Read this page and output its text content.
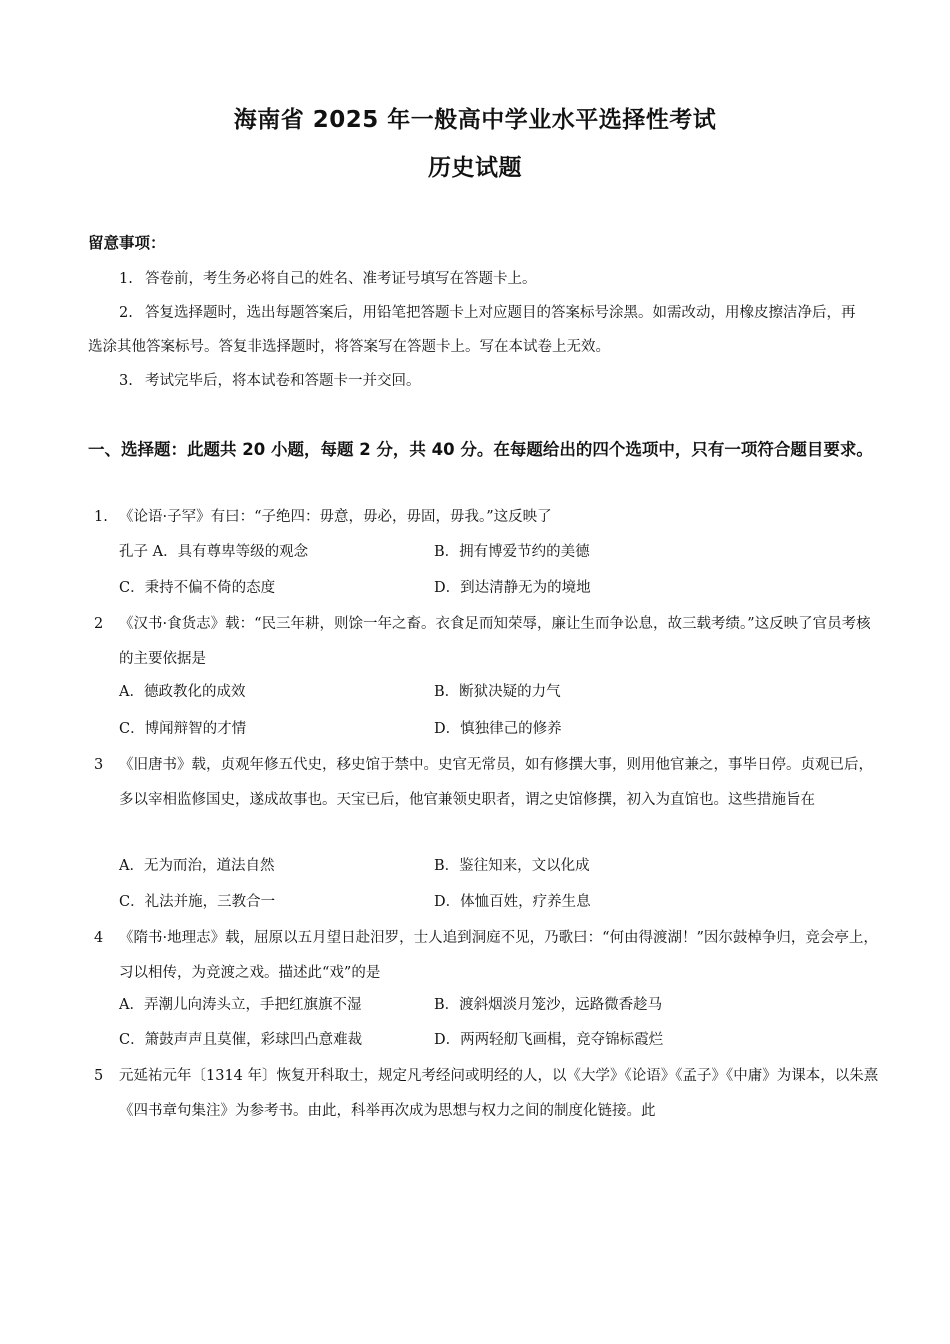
海南省 2025 年一般高中学业水平选择性考试
历史试题
留意事项：
1. 答卷前，考生务必将自己的姓名、准考证号填写在答题卡上。
2. 答复选择题时，选出每题答案后，用铅笔把答题卡上对应题目的答案标号涂黑。如需改动，用橡皮擦洁净后，再选涂其他答案标号。答复非选择题时，将答案写在答题卡上。写在本试卷上无效。
3. 考试完毕后，将本试卷和答题卡一并交回。
一、选择题：此题共 20 小题，每题 2 分，共 40 分。在每题给出的四个选项中，只有一项符合题目要求。
1. 《论语·子罕》有曰：“子绝四：毋意，毋必，毋固，毋我。”这反映了
孔子 A．具有尊卑等级的观念	B．拥有博爱节约的美德
C．秉持不偏不倚的态度	D．到达清静无为的境地
2 《汉书·食货志》载：“民三年耕，则馀一年之畜。衣食足而知荣辱，廉让生而争讼息，故三载考绩。”这反映了官员考核的主要依据是
A．德政教化的成效	B．断狱决疑的力气
C．博闻辩智的才情	D．慎独律己的修养
3 《旧唐书》载，贞观年修五代史，移史馆于禁中。史官无常员，如有修撰大事，则用他官兼之，事毕日停。贞观已后，多以宰相监修国史，遂成故事也。天宝已后，他官兼领史职者，谓之史馆修撰，初入为直馆也。这些措施旨在
A．无为而治，道法自然	B．鉴往知来，文以化成
C．礼法并施，三教合一	D．体恤百姓，疗养生息
4 《隋书·地理志》载，屈原以五月望日赴汨罗，士人追到洞庭不见，乃歌曰：“何由得渡湖！”因尔鼓棹争归，竞会亭上，习以相传，为竞渡之戏。描述此“戏”的是
A．弄潮儿向涛头立，手把红旗旗不湿	B．渡斜烟淡月笼沙，远路微香趁马
C．箫鼓声声且莫催，彩球凹凸意难裁	D．两两轻舠飞画楫，竞夺锦标霞烂
5 元延祐元年〔1314 年〕恢复开科取士，规定凡考经问或明经的人，以《大学》《论语》《孟子》《中庸》为课本，以朱熹《四书章句集注》为参考书。由此，科举再次成为思想与权力之间的制度化链接。此
